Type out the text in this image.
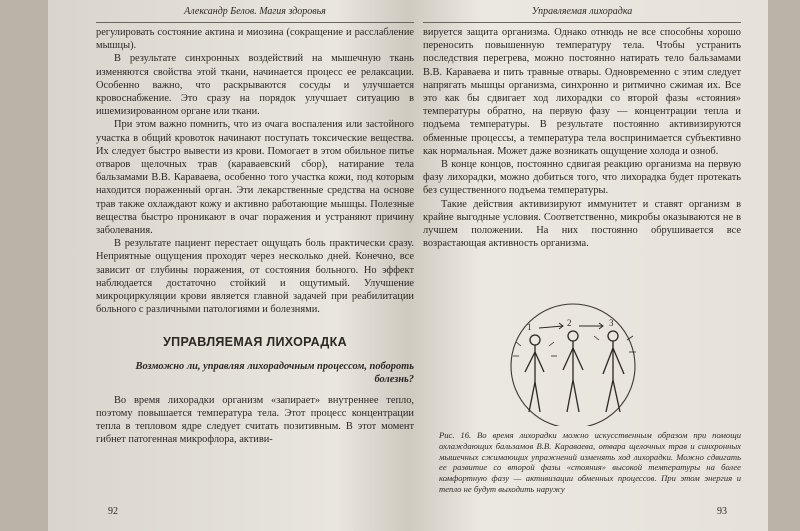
Александр Белов. Магия здоровья

регулировать состояние актина и миозина (сокращение и расслабление мышцы).

В результате синхронных воздействий на мышечную ткань изменяются свойства этой ткани, начинается процесс ее релаксации. Особенно важно, что раскрываются сосуды и улучшается кровоснабжение. Это сразу на порядок улучшает ситуацию в ишемизированном органе или ткани.

При этом важно помнить, что из очага воспаления или застойного участка в общий кровоток начинают поступать токсические вещества. Их следует быстро вывести из крови. Помогает в этом обильное питье отваров щелочных трав (караваевский сбор), натирание тела бальзамами В.В. Караваева, особенно того участка кожи, под которым находится пораженный орган. Эти лекарственные средства на основе трав также охлаждают кожу и активно работающие мышцы. Полезные вещества быстро проникают в очаг поражения и устраняют причину заболевания.

В результате пациент перестает ощущать боль практически сразу. Неприятные ощущения проходят через несколько дней. Конечно, все зависит от глубины поражения, от состояния больного. Но эффект наблюдается достаточно стойкий и ощутимый. Улучшение микроциркуляции крови является главной задачей при реабилитации больного с различными патологиями и болезнями.

УПРАВЛЯЕМАЯ ЛИХОРАДКА
Возможно ли, управляя лихорадочным процессом, побороть болезнь?

Во время лихорадки организм «запирает» внутреннее тепло, поэтому повышается температура тела. Этот процесс концентрации тепла в тепловом ядре следует считать позитивным. В этот момент гибнет патогенная микрофлора, активи-

92
Управляемая лихорадка

вируется защита организма. Однако отнюдь не все способны хорошо переносить повышенную температуру тела. Чтобы устранить последствия перегрева, можно постоянно натирать тело бальзамами В.В. Караваева и пить травные отвары. Одновременно с этим следует напрягать мышцы организма, синхронно и ритмично сжимая их. Все это как бы сдвигает ход лихорадки со второй фазы «стояния» температуры обратно, на первую фазу — концентрации тепла и подъема температуры. В результате постоянно активизируются обменные процессы, а температура тела воспринимается субъективно как нормальная. Может даже возникать ощущение холода и озноб.

В конце концов, постоянно сдвигая реакцию организма на первую фазу лихорадки, можно добиться того, что лихорадка будет протекать без существенного подъема температуры.

Такие действия активизируют иммунитет и ставят организм в крайне выгодные условия. Соответственно, микробы оказываются не в лучшем положении. На них постоянно обрушивается все возрастающая активность организма.

1	2	3
Рис. 16. Во время лихорадки можно искусственным образом при помощи охлаждающих бальзамов В.В. Караваева, отвара щелочных трав и синхронных мышечных сжимающих упражнений изменять ход лихорадки. Можно сдвигать ее развитие со второй фазы «стояния» высокой температуры на более комфортную фазу — активизации обменных процессов. При этом энергия и тепло не будут выходить наружу
93
